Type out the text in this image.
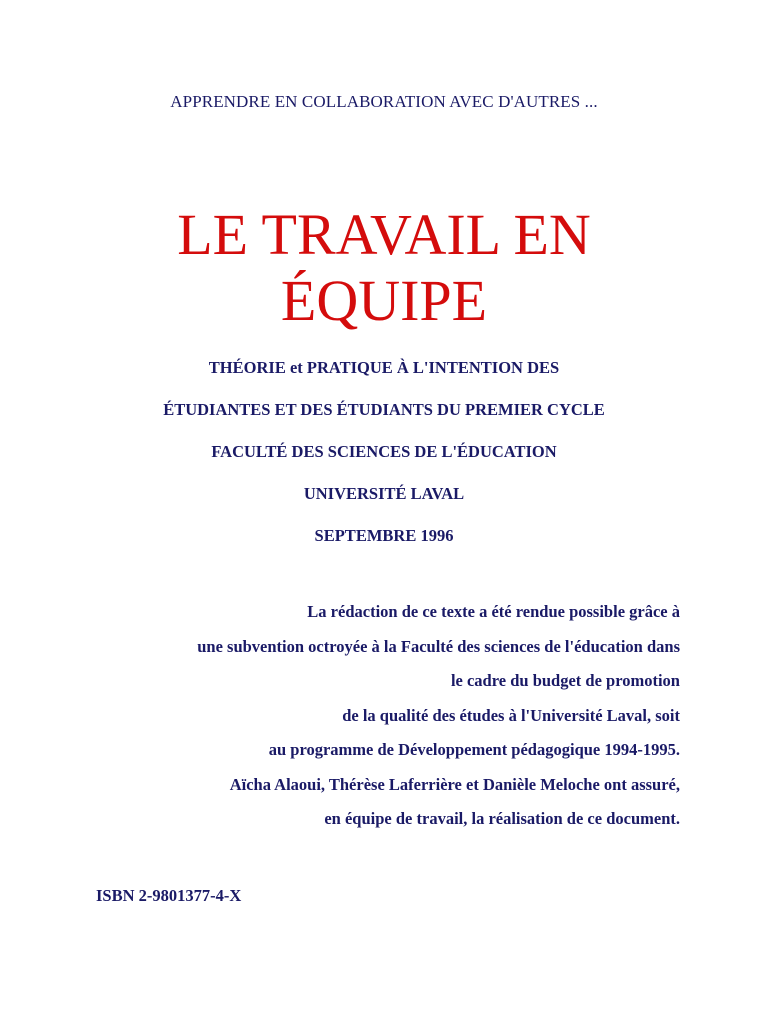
APPRENDRE EN COLLABORATION AVEC D'AUTRES ...
LE TRAVAIL EN
ÉQUIPE
THÉORIE et PRATIQUE À L'INTENTION DES
ÉTUDIANTES ET DES ÉTUDIANTS DU PREMIER CYCLE
FACULTÉ DES SCIENCES DE L'ÉDUCATION
UNIVERSITÉ LAVAL
SEPTEMBRE 1996
La rédaction de ce texte a été rendue possible grâce à
une subvention octroyée à la Faculté des sciences de l'éducation dans
le cadre du budget de promotion
de la qualité des études à l'Université Laval, soit
au programme de Développement pédagogique 1994-1995.
Aïcha Alaoui, Thérèse Laferrière et Danièle Meloche ont assuré,
en équipe de travail, la réalisation de ce document.
ISBN 2-9801377-4-X
